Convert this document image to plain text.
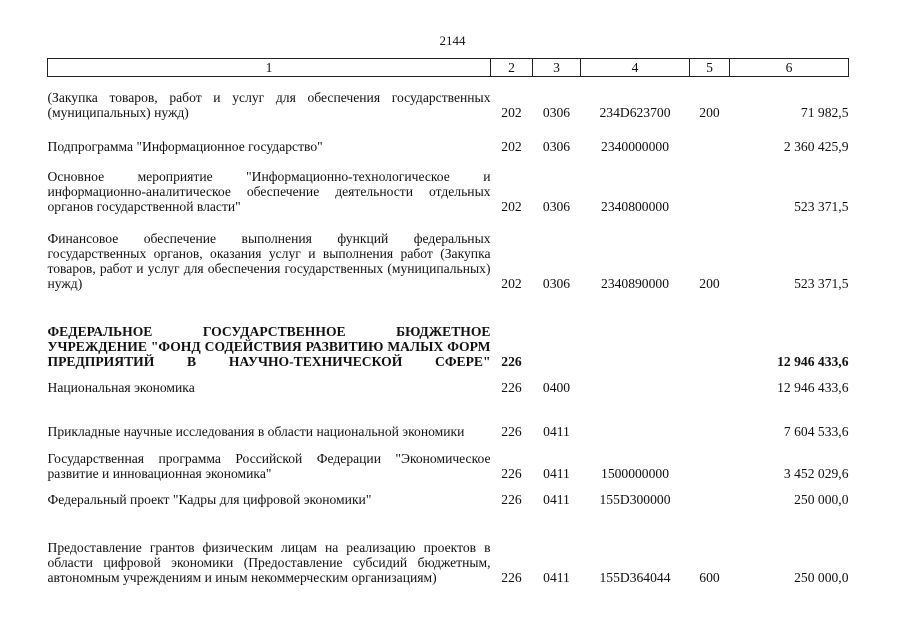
2144
1	2	3	4	5	6
(Закупка товаров, работ и услуг для обеспечения государственных (муниципальных) нужд)	202	0306	234D623700	200	71 982,5
Подпрограмма "Информационное государство"	202	0306	2340000000		2 360 425,9
Основное мероприятие "Информационно-технологическое и информационно-аналитическое обеспечение деятельности отдельных органов государственной власти"	202	0306	2340800000		523 371,5
Финансовое обеспечение выполнения функций федеральных государственных органов, оказания услуг и выполнения работ (Закупка товаров, работ и услуг для обеспечения государственных (муниципальных) нужд)	202	0306	2340890000	200	523 371,5
ФЕДЕРАЛЬНОЕ ГОСУДАРСТВЕННОЕ БЮДЖЕТНОЕ УЧРЕЖДЕНИЕ "ФОНД СОДЕЙСТВИЯ РАЗВИТИЮ МАЛЫХ ФОРМ ПРЕДПРИЯТИЙ В НАУЧНО-ТЕХНИЧЕСКОЙ СФЕРЕ"	226				12 946 433,6
Национальная экономика	226	0400			12 946 433,6
Прикладные научные исследования в области национальной экономики	226	0411			7 604 533,6
Государственная программа Российской Федерации "Экономическое развитие и инновационная экономика"	226	0411	1500000000		3 452 029,6
Федеральный проект "Кадры для цифровой экономики"	226	0411	155D300000		250 000,0
Предоставление грантов физическим лицам на реализацию проектов в области цифровой экономики (Предоставление субсидий бюджетным, автономным учреждениям и иным некоммерческим организациям)	226	0411	155D364044	600	250 000,0
